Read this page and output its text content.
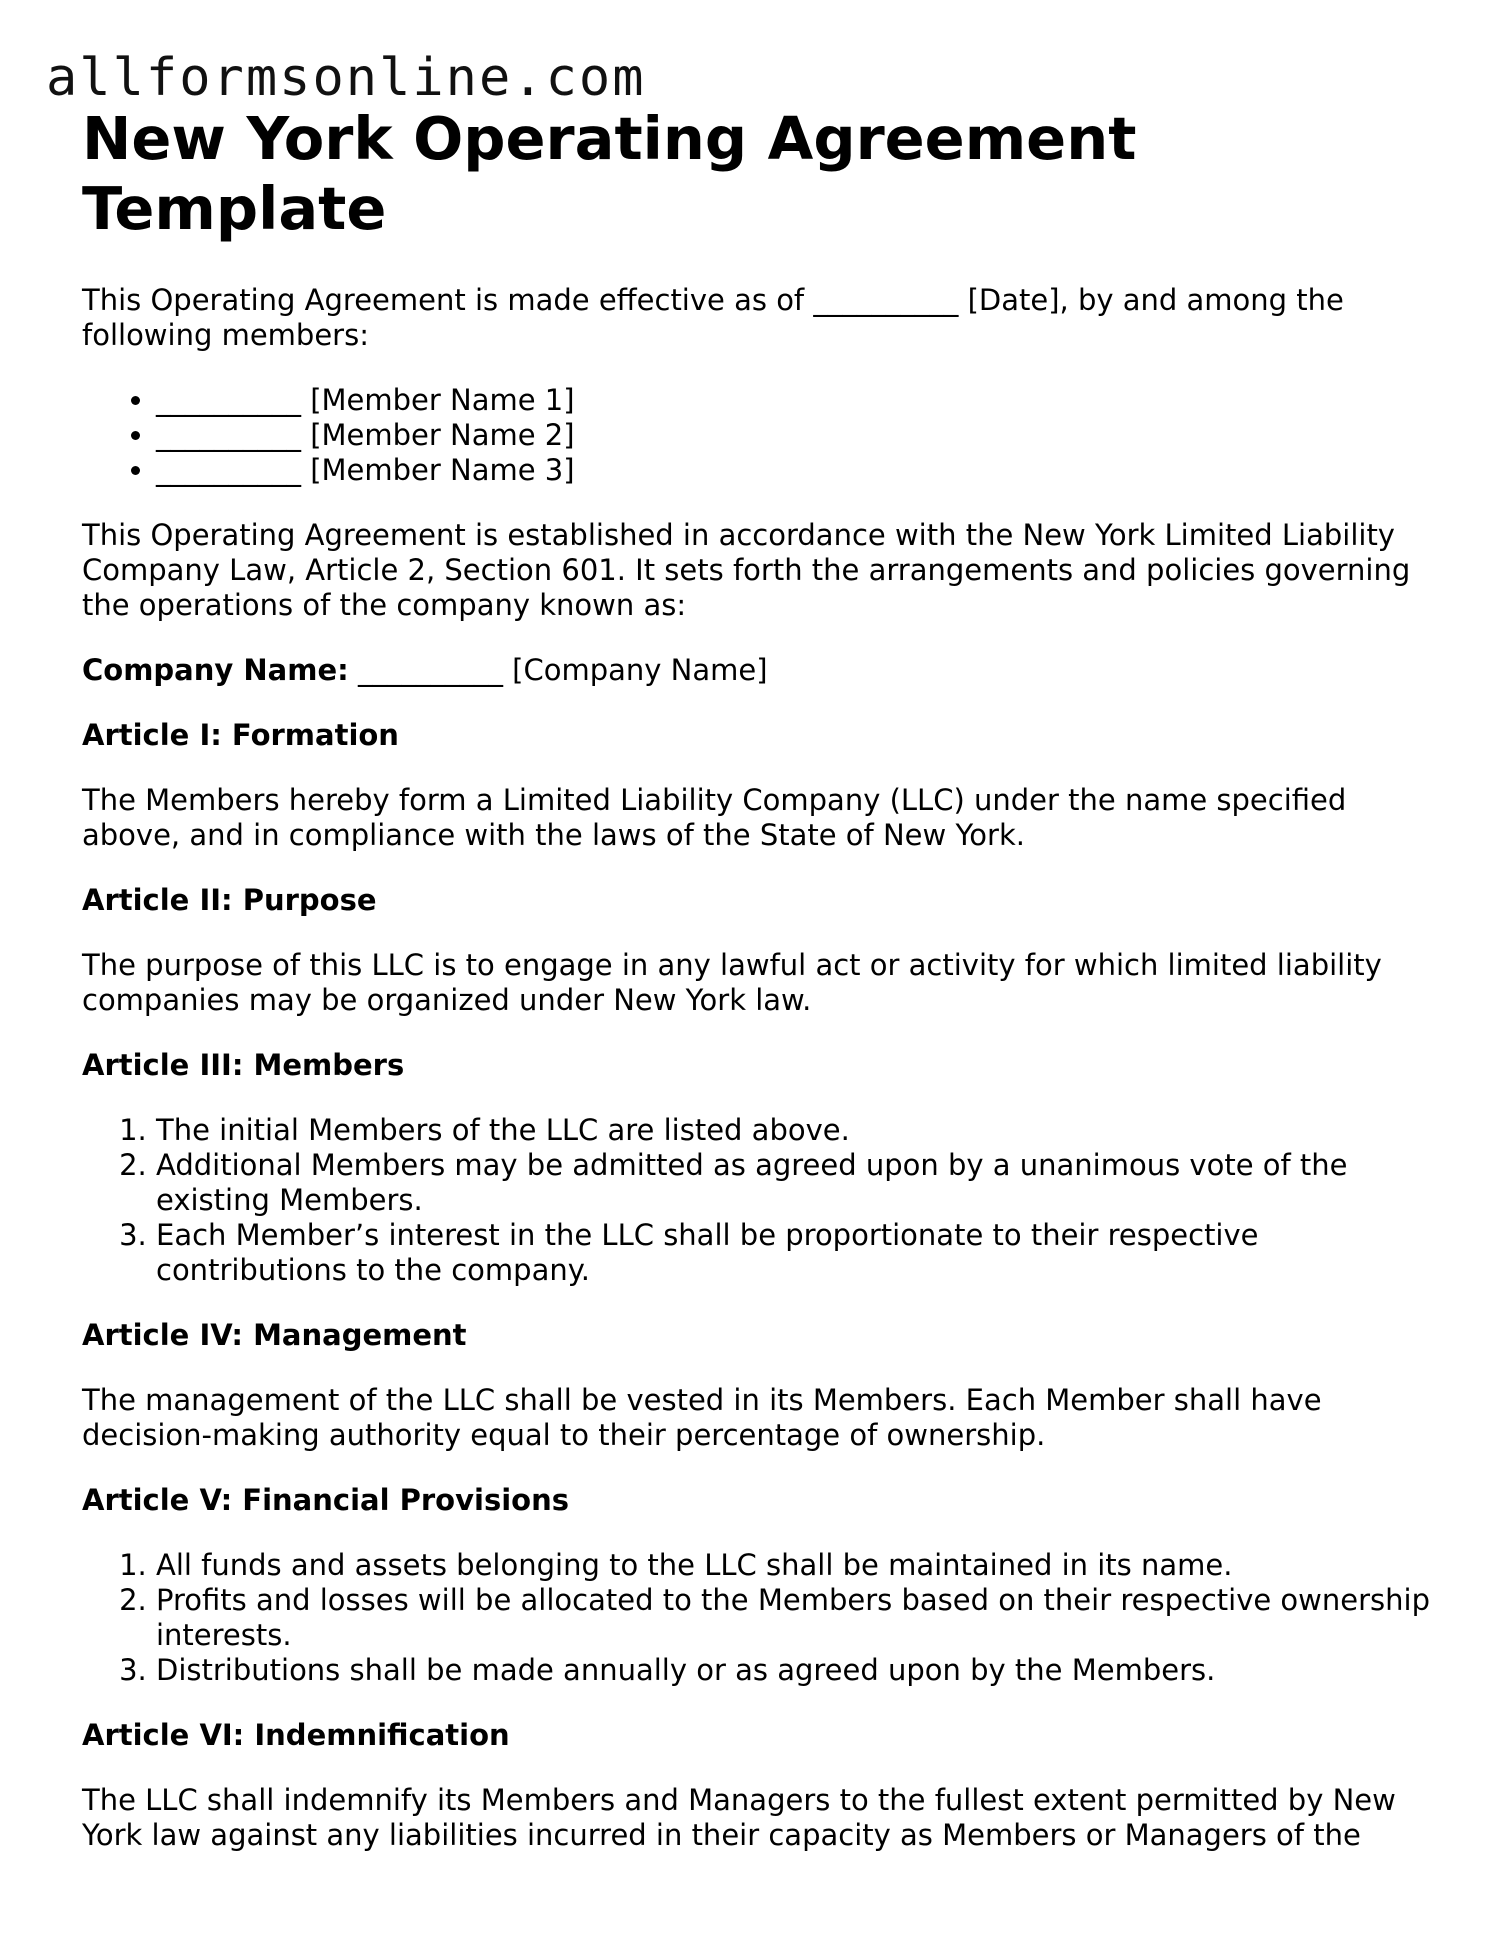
allformsonline.com
New York Operating Agreement Template

This Operating Agreement is made effective as of __________ [Date], by and among the following members:

• __________ [Member Name 1]
• __________ [Member Name 2]
• __________ [Member Name 3]

This Operating Agreement is established in accordance with the New York Limited Liability Company Law, Article 2, Section 601. It sets forth the arrangements and policies governing the operations of the company known as:

Company Name: __________ [Company Name]

Article I: Formation

The Members hereby form a Limited Liability Company (LLC) under the name specified above, and in compliance with the laws of the State of New York.

Article II: Purpose

The purpose of this LLC is to engage in any lawful act or activity for which limited liability companies may be organized under New York law.

Article III: Members
1. The initial Members of the LLC are listed above.
2. Additional Members may be admitted as agreed upon by a unanimous vote of the existing Members.
3. Each Member’s interest in the LLC shall be proportionate to their respective contributions to the company.
Article IV: Management

The management of the LLC shall be vested in its Members. Each Member shall have decision-making authority equal to their percentage of ownership.

Article V: Financial Provisions
1. All funds and assets belonging to the LLC shall be maintained in its name.
2. Profits and losses will be allocated to the Members based on their respective ownership interests.
3. Distributions shall be made annually or as agreed upon by the Members.
Article VI: Indemnification

The LLC shall indemnify its Members and Managers to the fullest extent permitted by New York law against any liabilities incurred in their capacity as Members or Managers of the
